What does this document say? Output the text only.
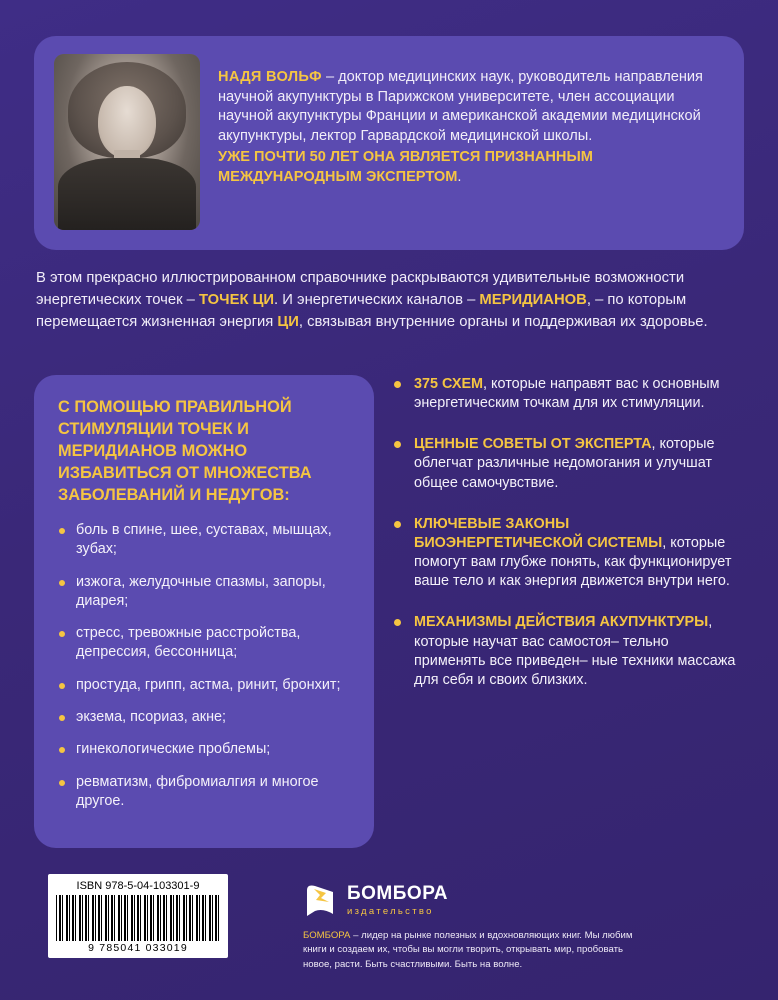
НАДЯ ВОЛЬФ – доктор медицинских наук, руководитель направления научной акупунктуры в Парижском университете, член ассоциации научной акупунктуры Франции и американской академии медицинской акупунктуры, лектор Гарвардской медицинской школы.
УЖЕ ПОЧТИ 50 ЛЕТ ОНА ЯВЛЯЕТСЯ ПРИЗНАННЫМ МЕЖДУНАРОДНЫМ ЭКСПЕРТОМ.
В этом прекрасно иллюстрированном справочнике раскрываются удивительные возможности энергетических точек – ТОЧЕК ЦИ. И энергетических каналов – МЕРИДИАНОВ, – по которым перемещается жизненная энергия ЦИ, связывая внутренние органы и поддерживая их здоровье.
С ПОМОЩЬЮ ПРАВИЛЬНОЙ СТИМУЛЯЦИИ ТОЧЕК И МЕРИДИАНОВ МОЖНО ИЗБАВИТЬСЯ ОТ МНОЖЕСТВА ЗАБОЛЕВАНИЙ И НЕДУГОВ:
боль в спине, шее, суставах, мышцах, зубах;
изжога, желудочные спазмы, запоры, диарея;
стресс, тревожные расстройства, депрессия, бессонница;
простуда, грипп, астма, ринит, бронхит;
экзема, псориаз, акне;
гинекологические проблемы;
ревматизм, фибромиалгия и многое другое.
375 СХЕМ, которые направят вас к основным энергетическим точкам для их стимуляции.
ЦЕННЫЕ СОВЕТЫ ОТ ЭКСПЕРТА, которые облегчат различные недомогания и улучшат общее самочувствие.
КЛЮЧЕВЫЕ ЗАКОНЫ БИОЭНЕРГЕТИЧЕСКОЙ СИСТЕМЫ, которые помогут вам глубже понять, как функционирует ваше тело и как энергия движется внутри него.
МЕХАНИЗМЫ ДЕЙСТВИЯ АКУПУНКТУРЫ, которые научат вас самостоя– тельно применять все приведен– ные техники массажа для себя и своих близких.
ISBN 978-5-04-103301-9
9 785041 033019
БОМБОРА
издательство
БОМБОРА – лидер на рынке полезных и вдохновляющих книг. Мы любим книги и создаем их, чтобы вы могли творить, открывать мир, пробовать новое, расти. Быть счастливыми. Быть на волне.
